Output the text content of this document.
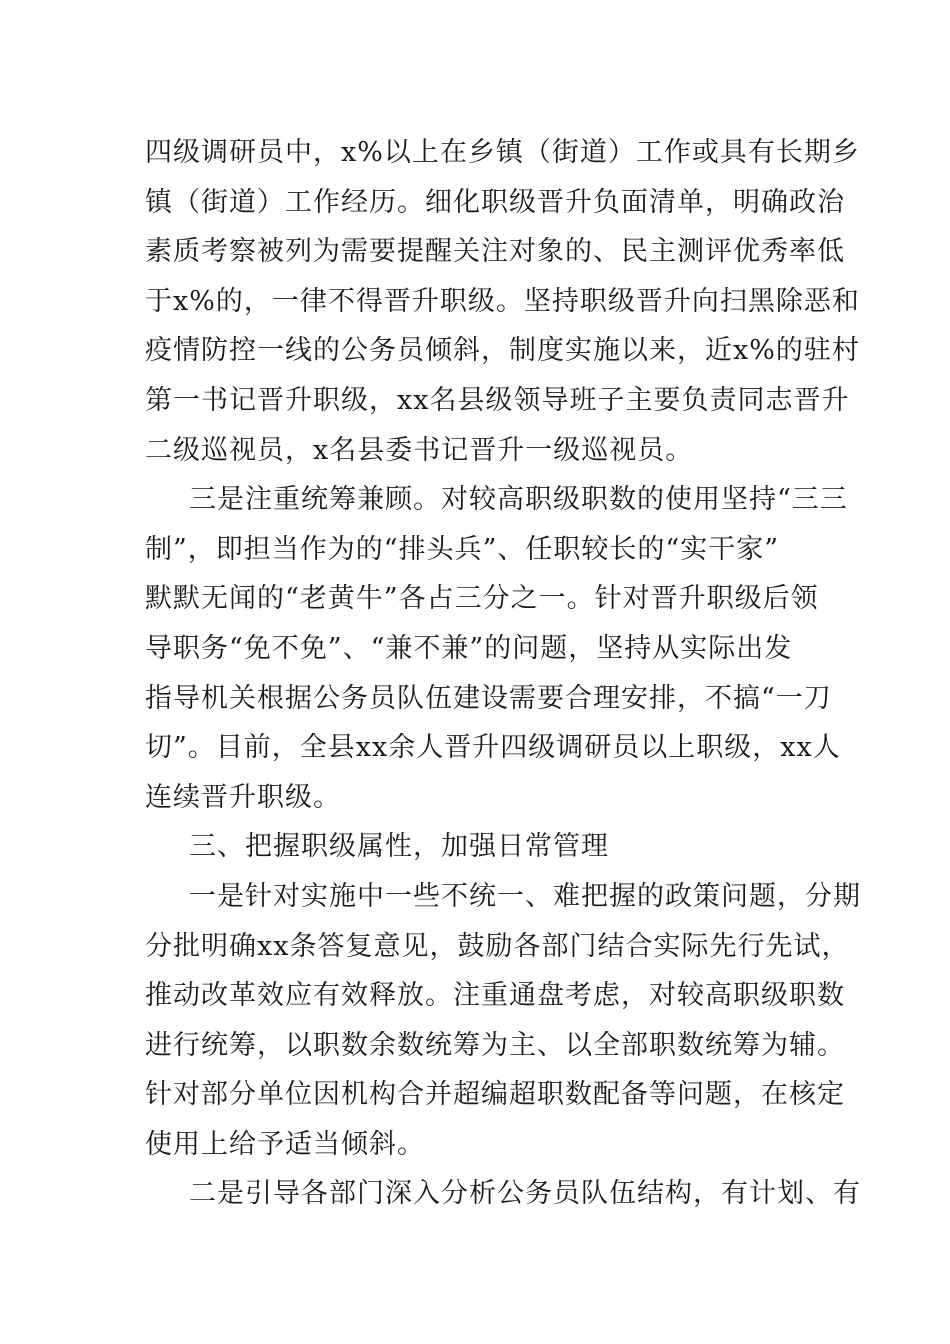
四级调研员中，x%以上在乡镇（街道）工作或具有长期乡
镇（街道）工作经历。细化职级晋升负面清单，明确政治
素质考察被列为需要提醒关注对象的、民主测评优秀率低
于x%的，一律不得晋升职级。坚持职级晋升向扫黑除恶和
疫情防控一线的公务员倾斜，制度实施以来，近x%的驻村
第一书记晋升职级，xx名县级领导班子主要负责同志晋升
二级巡视员，x名县委书记晋升一级巡视员。
三是注重统筹兼顾。对较高职级职数的使用坚持“三三
制”，即担当作为的“排头兵”、任职较长的“实干家”
默默无闻的“老黄牛”各占三分之一。针对晋升职级后领
导职务“免不免”、“兼不兼”的问题，坚持从实际出发
指导机关根据公务员队伍建设需要合理安排，不搞“一刀
切”。目前，全县xx余人晋升四级调研员以上职级，xx人
连续晋升职级。
三、把握职级属性，加强日常管理
一是针对实施中一些不统一、难把握的政策问题，分期
分批明确xx条答复意见，鼓励各部门结合实际先行先试，
推动改革效应有效释放。注重通盘考虑，对较高职级职数
进行统筹，以职数余数统筹为主、以全部职数统筹为辅。
针对部分单位因机构合并超编超职数配备等问题，在核定
使用上给予适当倾斜。
二是引导各部门深入分析公务员队伍结构，有计划、有
